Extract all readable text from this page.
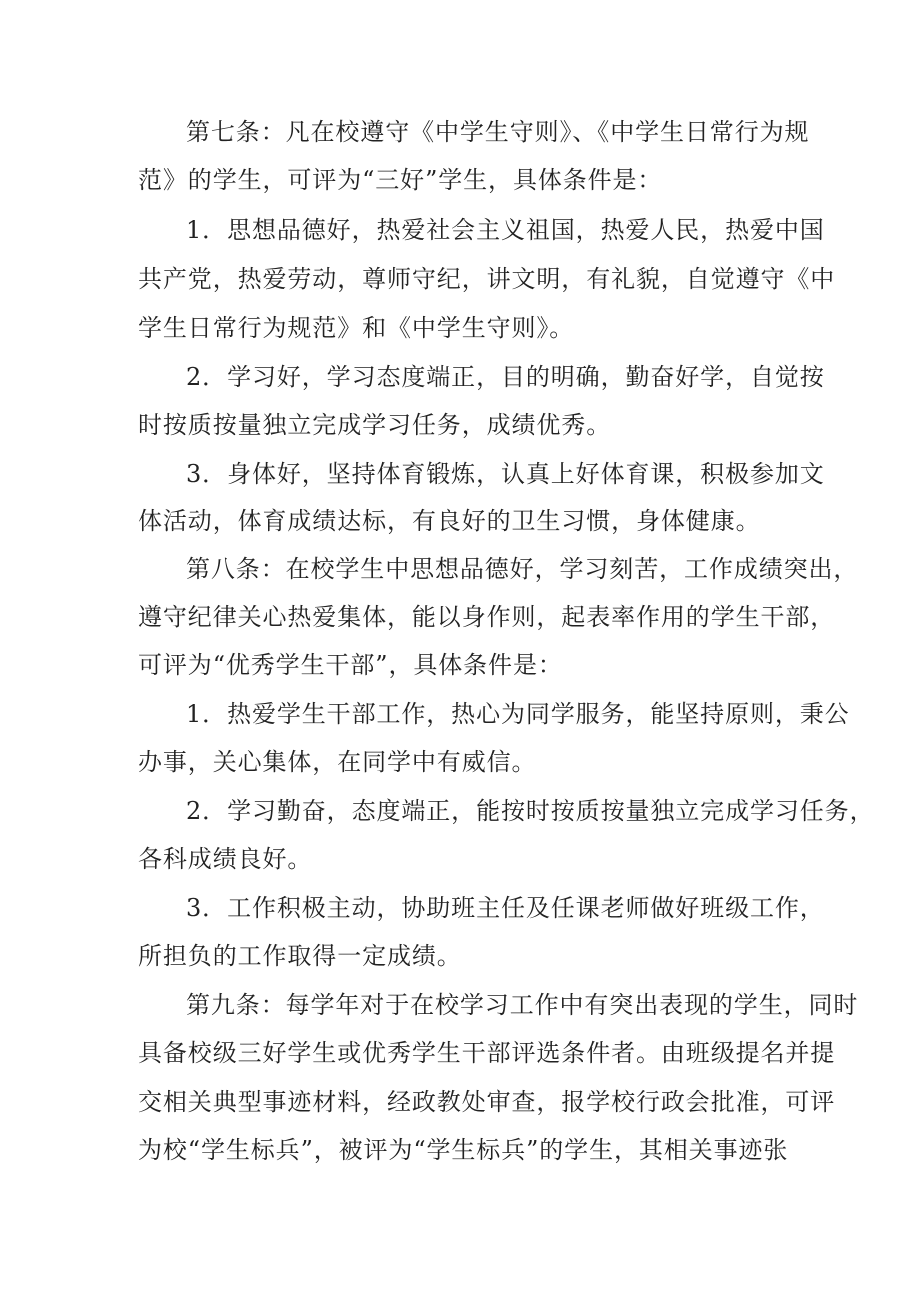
第七条：凡在校遵守《中学生守则》、《中学生日常行为规
范》的学生，可评为“三好”学生，具体条件是：
1．思想品德好，热爱社会主义祖国，热爱人民，热爱中国
共产党，热爱劳动，尊师守纪，讲文明，有礼貌，自觉遵守《中
学生日常行为规范》和《中学生守则》。
2．学习好，学习态度端正，目的明确，勤奋好学，自觉按
时按质按量独立完成学习任务，成绩优秀。
3．身体好，坚持体育锻炼，认真上好体育课，积极参加文
体活动，体育成绩达标，有良好的卫生习惯，身体健康。
第八条：在校学生中思想品德好，学习刻苦，工作成绩突出，
遵守纪律关心热爱集体，能以身作则，起表率作用的学生干部，
可评为“优秀学生干部”，具体条件是：
1．热爱学生干部工作，热心为同学服务，能坚持原则，秉公
办事，关心集体，在同学中有威信。
2．学习勤奋，态度端正，能按时按质按量独立完成学习任务，
各科成绩良好。
3．工作积极主动，协助班主任及任课老师做好班级工作，
所担负的工作取得一定成绩。
第九条：每学年对于在校学习工作中有突出表现的学生，同时
具备校级三好学生或优秀学生干部评选条件者。由班级提名并提
交相关典型事迹材料，经政教处审查，报学校行政会批准，可评
为校“学生标兵”，被评为“学生标兵”的学生，其相关事迹张
